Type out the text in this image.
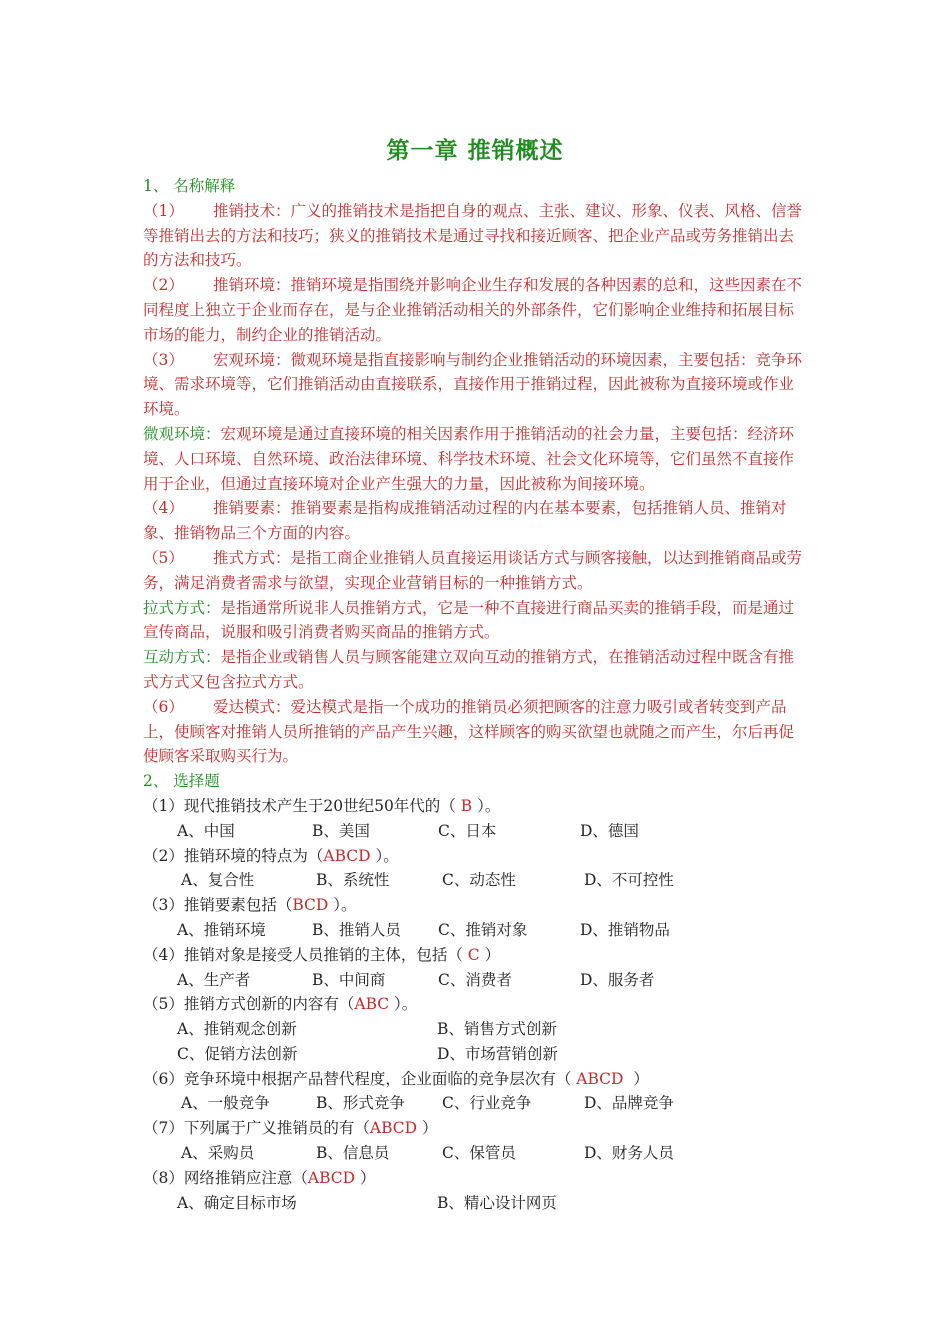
第一章 推销概述
1、 名称解释
（1） 推销技术：广义的推销技术是指把自身的观点、主张、建议、形象、仪表、风格、信誉等推销出去的方法和技巧；狭义的推销技术是通过寻找和接近顾客、把企业产品或劳务推销出去的方法和技巧。
（2） 推销环境：推销环境是指围绕并影响企业生存和发展的各种因素的总和，这些因素在不同程度上独立于企业而存在，是与企业推销活动相关的外部条件，它们影响企业维持和拓展目标市场的能力，制约企业的推销活动。
（3） 宏观环境：微观环境是指直接影响与制约企业推销活动的环境因素，主要包括：竞争环境、需求环境等，它们推销活动由直接联系，直接作用于推销过程，因此被称为直接环境或作业环境。
微观环境：宏观环境是通过直接环境的相关因素作用于推销活动的社会力量，主要包括：经济环境、人口环境、自然环境、政治法律环境、科学技术环境、社会文化环境等，它们虽然不直接作用于企业，但通过直接环境对企业产生强大的力量，因此被称为间接环境。
（4） 推销要素：推销要素是指构成推销活动过程的内在基本要素，包括推销人员、推销对象、推销物品三个方面的内容。
（5） 推式方式：是指工商企业推销人员直接运用谈话方式与顾客接触，以达到推销商品或劳务，满足消费者需求与欲望，实现企业营销目标的一种推销方式。
拉式方式：是指通常所说非人员推销方式，它是一种不直接进行商品买卖的推销手段，而是通过宣传商品，说服和吸引消费者购买商品的推销方式。
互动方式：是指企业或销售人员与顾客能建立双向互动的推销方式，在推销活动过程中既含有推式方式又包含拉式方式。
（6） 爱达模式：爱达模式是指一个成功的推销员必须把顾客的注意力吸引或者转变到产品上，使顾客对推销人员所推销的产品产生兴趣，这样顾客的购买欲望也就随之而产生，尔后再促使顾客采取购买行为。
2、 选择题
（1）现代推销技术产生于20世纪50年代的（ B ）。
A、中国	B、美国	C、日本	D、德国
（2）推销环境的特点为（ABCD ）。
A、复合性	B、系统性	C、动态性	D、不可控性
（3）推销要素包括（BCD ）。
A、推销环境	B、推销人员 C、推销对象	D、推销物品
（4）推销对象是接受人员推销的主体，包括（ C ）
A、生产者	B、中间商	C、消费者	D、服务者
（5）推销方式创新的内容有（ABC ）。
A、推销观念创新	B、销售方式创新
C、促销方法创新	D、市场营销创新
（6）竞争环境中根据产品替代程度，企业面临的竞争层次有（ ABCD  ）
A、一般竞争	B、形式竞争 C、行业竞争	D、品牌竞争
（7）下列属于广义推销员的有（ABCD ）
A、采购员	B、信息员	C、保管员	D、财务人员
（8）网络推销应注意（ABCD ）
A、确定目标市场	B、精心设计网页
